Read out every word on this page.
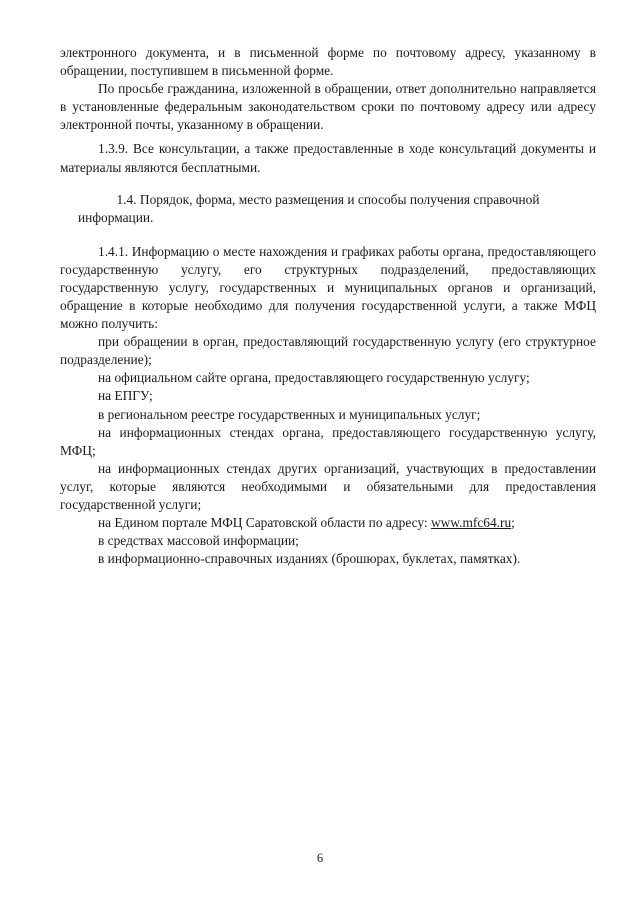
электронного документа, и в письменной форме по почтовому адресу, указанному в обращении, поступившем в письменной форме.

По просьбе гражданина, изложенной в обращении, ответ дополнительно направляется в установленные федеральным законодательством сроки по почтовому адресу или адресу электронной почты, указанному в обращении.

1.3.9. Все консультации, а также предоставленные в ходе консультаций документы и материалы являются бесплатными.

1.4. Порядок, форма, место размещения и способы получения справочной информации.

1.4.1. Информацию о месте нахождения и графиках работы органа, предоставляющего государственную услугу, его структурных подразделений, предоставляющих государственную услугу, государственных и муниципальных органов и организаций, обращение в которые необходимо для получения государственной услуги, а также МФЦ можно получить:

при обращении в орган, предоставляющий государственную услугу (его структурное подразделение);

на официальном сайте органа, предоставляющего государственную услугу;

на ЕПГУ;

в региональном реестре государственных и муниципальных услуг;

на информационных стендах органа, предоставляющего государственную услугу, МФЦ;

на информационных стендах других организаций, участвующих в предоставлении услуг, которые являются необходимыми и обязательными для предоставления государственной услуги;

на Едином портале МФЦ Саратовской области по адресу: www.mfc64.ru;

в средствах массовой информации;

в информационно-справочных изданиях (брошюрах, буклетах, памятках).

6
